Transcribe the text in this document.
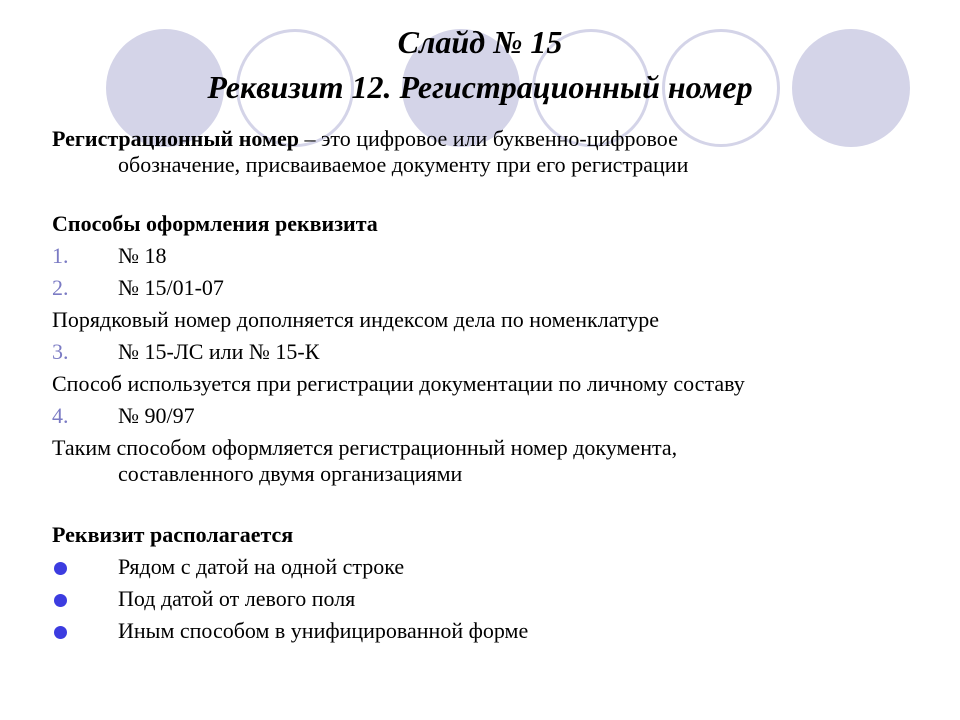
Слайд № 15
Реквизит 12. Регистрационный номер

Регистрационный номер – это цифровое или буквенно-цифровое
обозначение, присваиваемое документу при его регистрации

Способы оформления реквизита
1.	№ 18
2.	№ 15/01-07
Порядковый номер дополняется индексом дела по номенклатуре
3.	№ 15-ЛС или № 15-К
Способ используется при регистрации документации по личному составу
4.	№ 90/97

Таким способом оформляется регистрационный номер документа,
составленного двумя организациями

Реквизит располагается
Рядом с датой на одной строке
Под датой от левого поля
Иным способом в унифицированной форме
